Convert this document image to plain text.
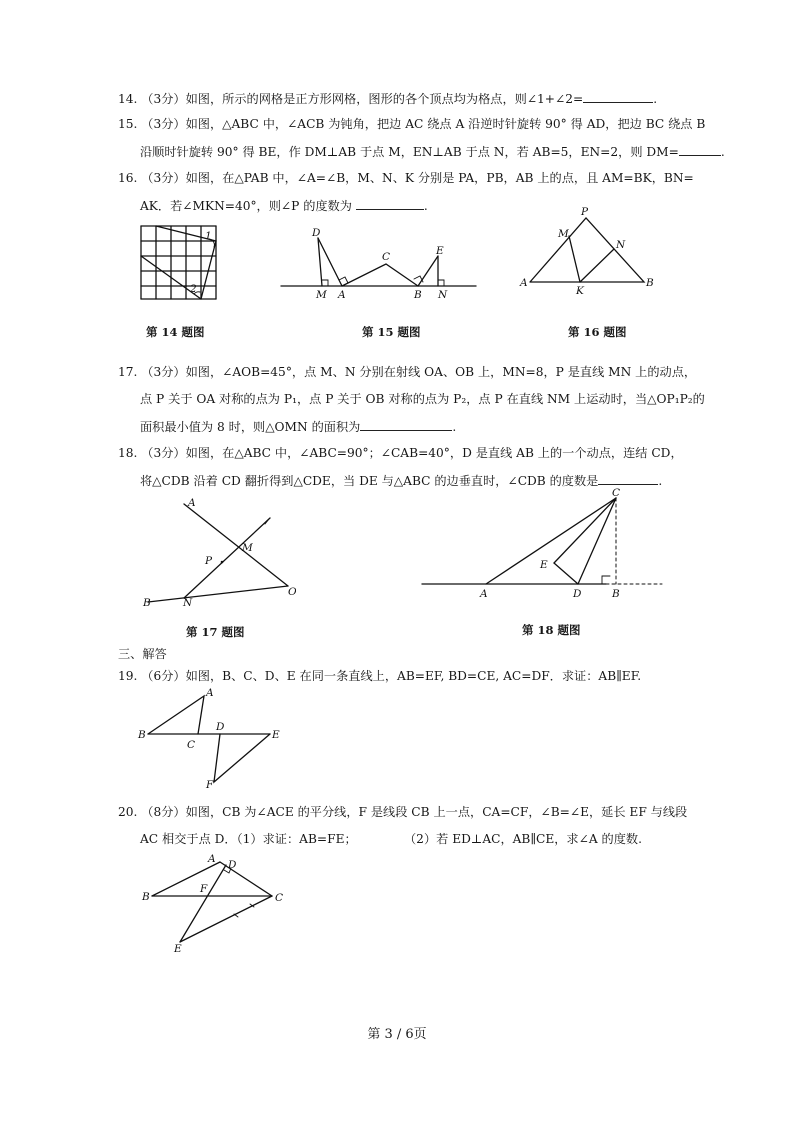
14. （3分）如图，所示的网格是正方形网格，图形的各个顶点均为格点，则∠1+∠2=	.
15. （3分）如图，△ABC 中，∠ACB 为钝角，把边 AC 绕点 A 沿逆时针旋转 90° 得 AD，把边 BC 绕点 B
沿顺时针旋转 90° 得 BE，作 DM⊥AB 于点 M，EN⊥AB 于点 N，若 AB=5，EN=2，则 DM=	.
16. （3分）如图，在△PAB 中，∠A=∠B，M、N、K 分别是 PA，PB，AB 上的点，且 AM=BK，BN=
AK．若∠MKN=40°，则∠P 的度数为	.
1
2
第 14 题图
D
M A
C
B
E
N
第 15 题图
P
M
N
A
K
B
第 16 题图
17. （3分）如图，∠AOB=45°，点 M、N 分别在射线 OA、OB 上，MN=8，P 是直线 MN 上的动点，
点 P 关于 OA 对称的点为 P₁，点 P 关于 OB 对称的点为 P₂，点 P 在直线 NM 上运动时，当△OP₁P₂的
面积最小值为 8 时，则△OMN 的面积为	.
18. （3分）如图，在△ABC 中，∠ABC=90°；∠CAB=40°，D 是直线 AB 上的一个动点，连结 CD，
将△CDB 沿着 CD 翻折得到△CDE，当 DE 与△ABC 的边垂直时，∠CDB 的度数是	.
A
M
P
B	N
O
第 17 题图
C
E
A	D	B
第 18 题图
三、解答
19. （6分）如图，B、C、D、E 在同一条直线上，AB=EF, BD=CE, AC=DF．求证：AB∥EF.
A
B
C
D
E
F
20. （8分）如图，CB 为∠ACE 的平分线，F 是线段 CB 上一点，CA=CF，∠B=∠E，延长 EF 与线段
AC 相交于点 D．（1）求证：AB=FE；	（2）若 ED⊥AC，AB∥CE，求∠A 的度数.
A D
B
F
C
E
第 3 / 6页
